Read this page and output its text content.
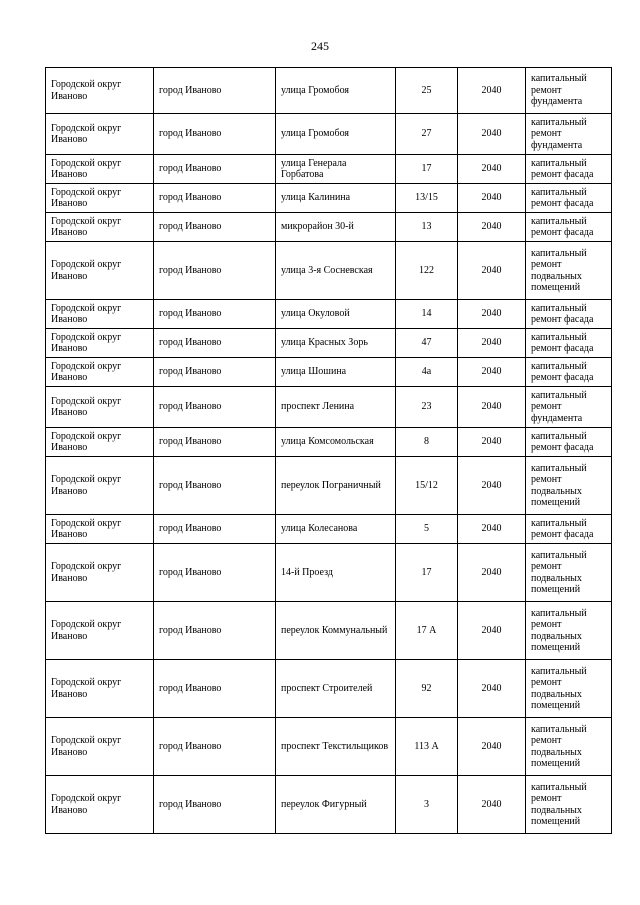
245
Городской округ Иваново	город Иваново	улица Громобоя	25	2040	капитальный ремонт фундамента
Городской округ Иваново	город Иваново	улица Громобоя	27	2040	капитальный ремонт фундамента
Городской округ Иваново	город Иваново	улица Генерала Горбатова	17	2040	капитальный ремонт фасада
Городской округ Иваново	город Иваново	улица Калинина	13/15	2040	капитальный ремонт фасада
Городской округ Иваново	город Иваново	микрорайон 30-й	13	2040	капитальный ремонт фасада
Городской округ Иваново	город Иваново	улица 3-я Сосневская	122	2040	капитальный ремонт подвальных помещений
Городской округ Иваново	город Иваново	улица Окуловой	14	2040	капитальный ремонт фасада
Городской округ Иваново	город Иваново	улица Красных Зорь	47	2040	капитальный ремонт фасада
Городской округ Иваново	город Иваново	улица Шошина	4а	2040	капитальный ремонт фасада
Городской округ Иваново	город Иваново	проспект Ленина	23	2040	капитальный ремонт фундамента
Городской округ Иваново	город Иваново	улица Комсомольская	8	2040	капитальный ремонт фасада
Городской округ Иваново	город Иваново	переулок Пограничный	15/12	2040	капитальный ремонт подвальных помещений
Городской округ Иваново	город Иваново	улица Колесанова	5	2040	капитальный ремонт фасада
Городской округ Иваново	город Иваново	14-й Проезд	17	2040	капитальный ремонт подвальных помещений
Городской округ Иваново	город Иваново	переулок Коммунальный	17 А	2040	капитальный ремонт подвальных помещений
Городской округ Иваново	город Иваново	проспект Строителей	92	2040	капитальный ремонт подвальных помещений
Городской округ Иваново	город Иваново	проспект Текстильщиков	113 А	2040	капитальный ремонт подвальных помещений
Городской округ Иваново	город Иваново	переулок Фигурный	3	2040	капитальный ремонт подвальных помещений
